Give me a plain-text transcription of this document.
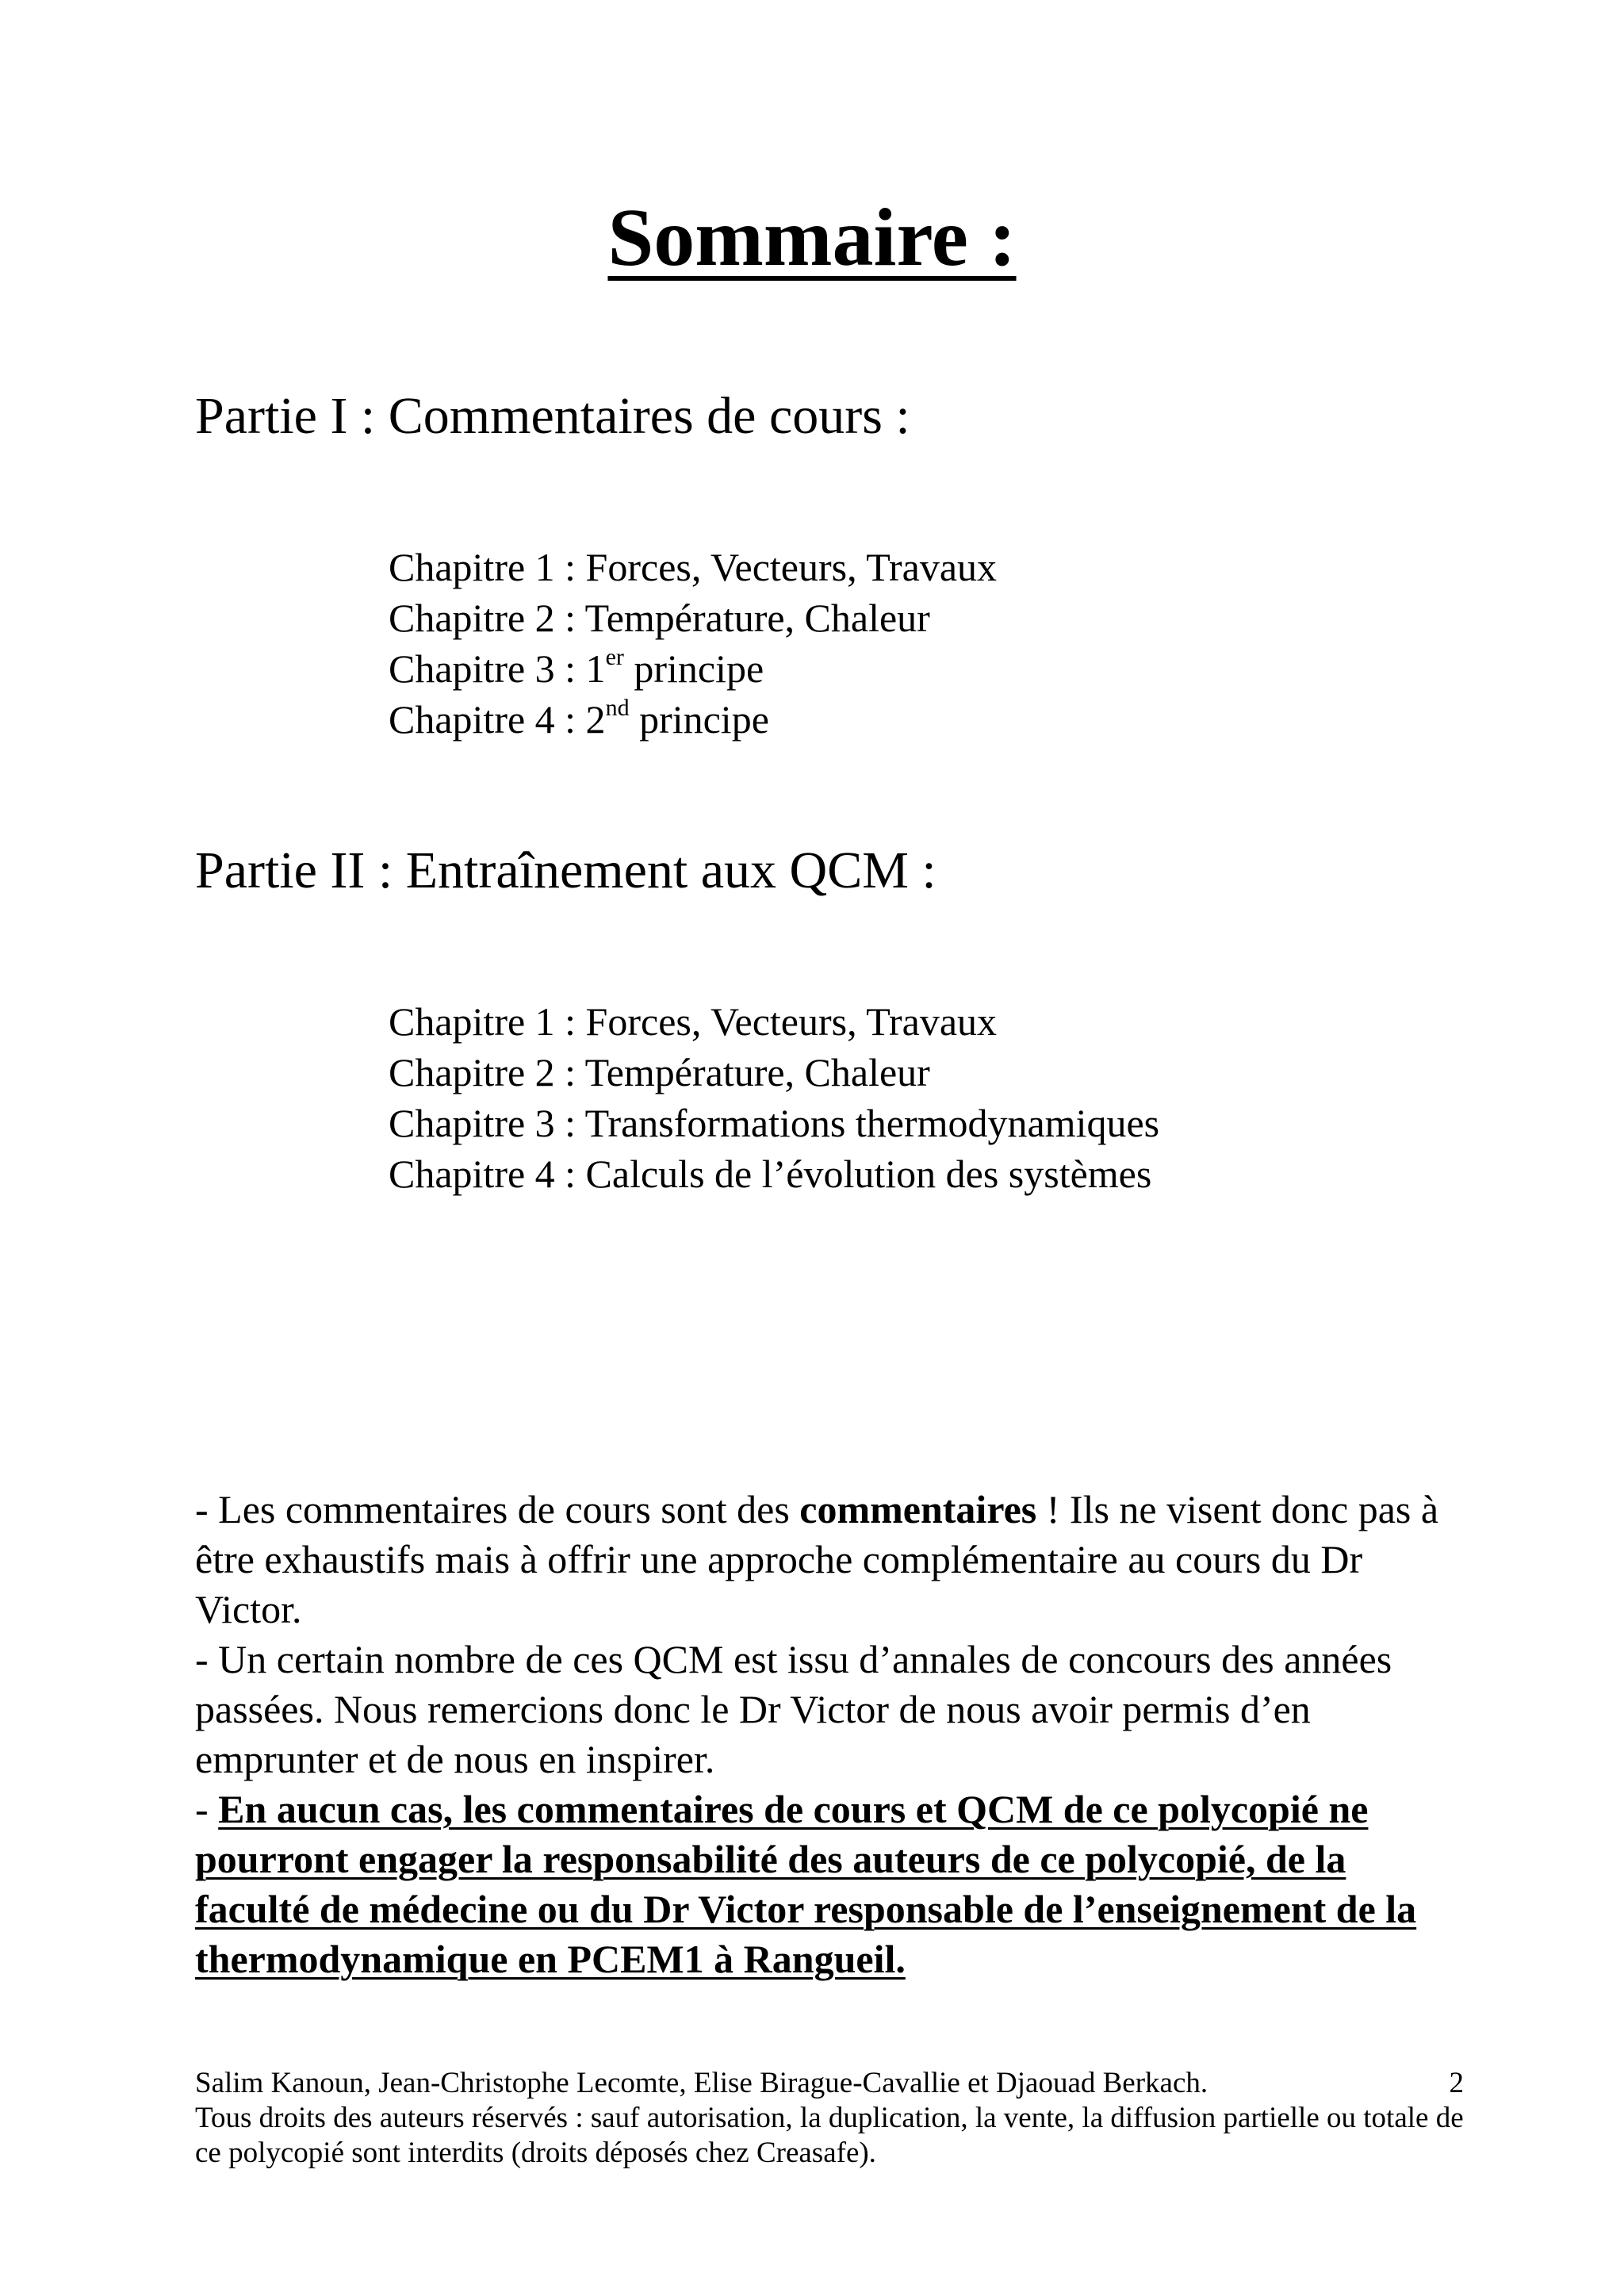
Sommaire :
Partie I : Commentaires de cours :
Chapitre 1 : Forces, Vecteurs, Travaux
Chapitre 2 : Température, Chaleur
Chapitre 3 : 1er principe
Chapitre 4 : 2nd principe
Partie II : Entraînement aux QCM :
Chapitre 1 : Forces, Vecteurs, Travaux
Chapitre 2 : Température, Chaleur
Chapitre 3 : Transformations thermodynamiques
Chapitre 4 : Calculs de l’évolution des systèmes

- Les commentaires de cours sont des commentaires ! Ils ne visent donc pas à être exhaustifs mais à offrir une approche complémentaire au cours du Dr Victor.

- Un certain nombre de ces QCM est issu d’annales de concours des années passées. Nous remercions donc le Dr Victor de nous avoir permis d’en emprunter et de nous en inspirer.

- En aucun cas, les commentaires de cours et QCM de ce polycopié ne pourront engager la responsabilité des auteurs de ce polycopié, de la faculté de médecine ou du Dr Victor responsable de l’enseignement de la thermodynamique en PCEM1 à Rangueil.

Salim Kanoun, Jean-Christophe Lecomte, Elise Birague-Cavallie et Djaouad Berkach.

Tous droits des auteurs réservés : sauf autorisation, la duplication, la vente, la diffusion partielle ou totale de ce polycopié sont interdits (droits déposés chez Creasafe).

2
